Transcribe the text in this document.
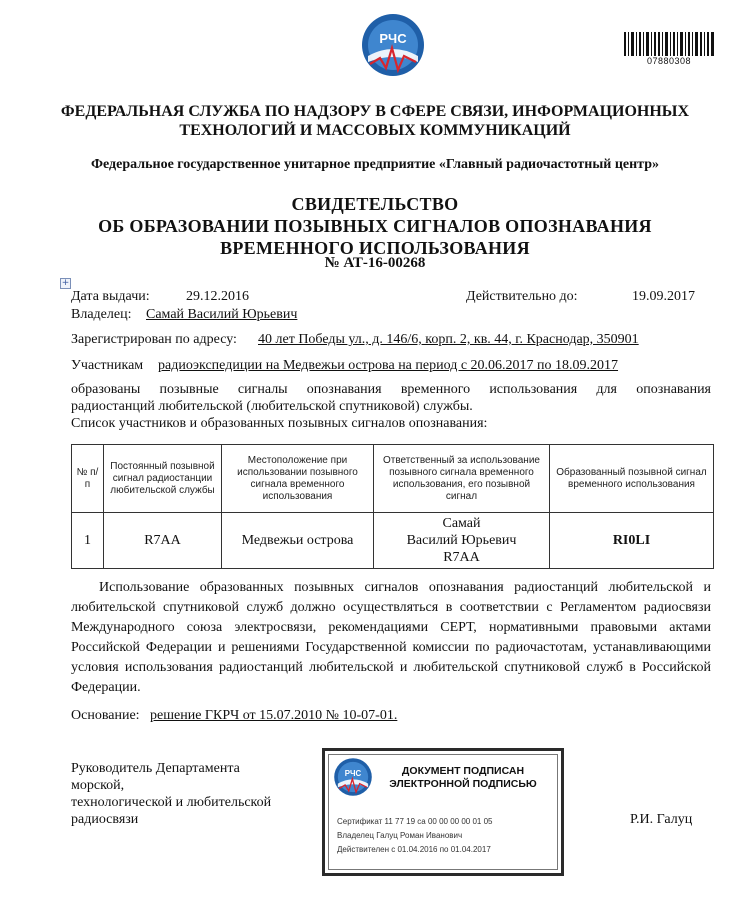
РЧС
07880308
ФЕДЕРАЛЬНАЯ СЛУЖБА ПО НАДЗОРУ В СФЕРЕ СВЯЗИ, ИНФОРМАЦИОННЫХ
ТЕХНОЛОГИЙ И МАССОВЫХ КОММУНИКАЦИЙ
Федеральное государственное унитарное предприятие «Главный радиочастотный центр»
СВИДЕТЕЛЬСТВО
ОБ ОБРАЗОВАНИИ ПОЗЫВНЫХ СИГНАЛОВ ОПОЗНАВАНИЯ
ВРЕМЕННОГО ИСПОЛЬЗОВАНИЯ
№ АТ-16-00268
+
Дата выдачи:	29.12.2016	Действительно до:	19.09.2017
Владелец: Самай Василий Юрьевич
Зарегистрирован по адресу: 40 лет Победы ул., д. 146/6, корп. 2, кв. 44, г. Краснодар, 350901
Участникам радиоэкспедиции на Медвежьи острова на период с 20.06.2017 по 18.09.2017
образованы позывные сигналы опознавания временного использования для опознавания
радиостанций любительской (любительской спутниковой) службы.
Список участников и образованных позывных сигналов опознавания:
№ п/п	Постоянный позывной сигнал радиостанции любительской службы	Местоположение при использовании позывного сигнала временного использования	Ответственный за использование позывного сигнала временного использования, его позывной сигнал	Образованный позывной сигнал временного использования
1	R7AA	Медвежьи острова	Самай
Василий Юрьевич
R7AA	RI0LI
Использование образованных позывных сигналов опознавания радиостанций любительской и любительской спутниковой служб должно осуществляться в соответствии с Регламентом радиосвязи Международного союза электросвязи, рекомендациями СЕРТ, нормативными правовыми актами Российской Федерации и решениями Государственной комиссии по радиочастотам, устанавливающими условия использования радиостанций любительской и любительской спутниковой служб в Российской Федерации.
Основание: решение ГКРЧ от 15.07.2010 № 10-07-01.
Руководитель Департамента
морской,
технологической и любительской
радиосвязи	Р.И. Галуц
РЧС	ДОКУМЕНТ ПОДПИСАН
ЭЛЕКТРОННОЙ ПОДПИСЬЮ
Сертификат 11 77 19 са 00 00 00 00 01 05
Владелец Галуц Роман Иванович
Действителен с 01.04.2016 по 01.04.2017
